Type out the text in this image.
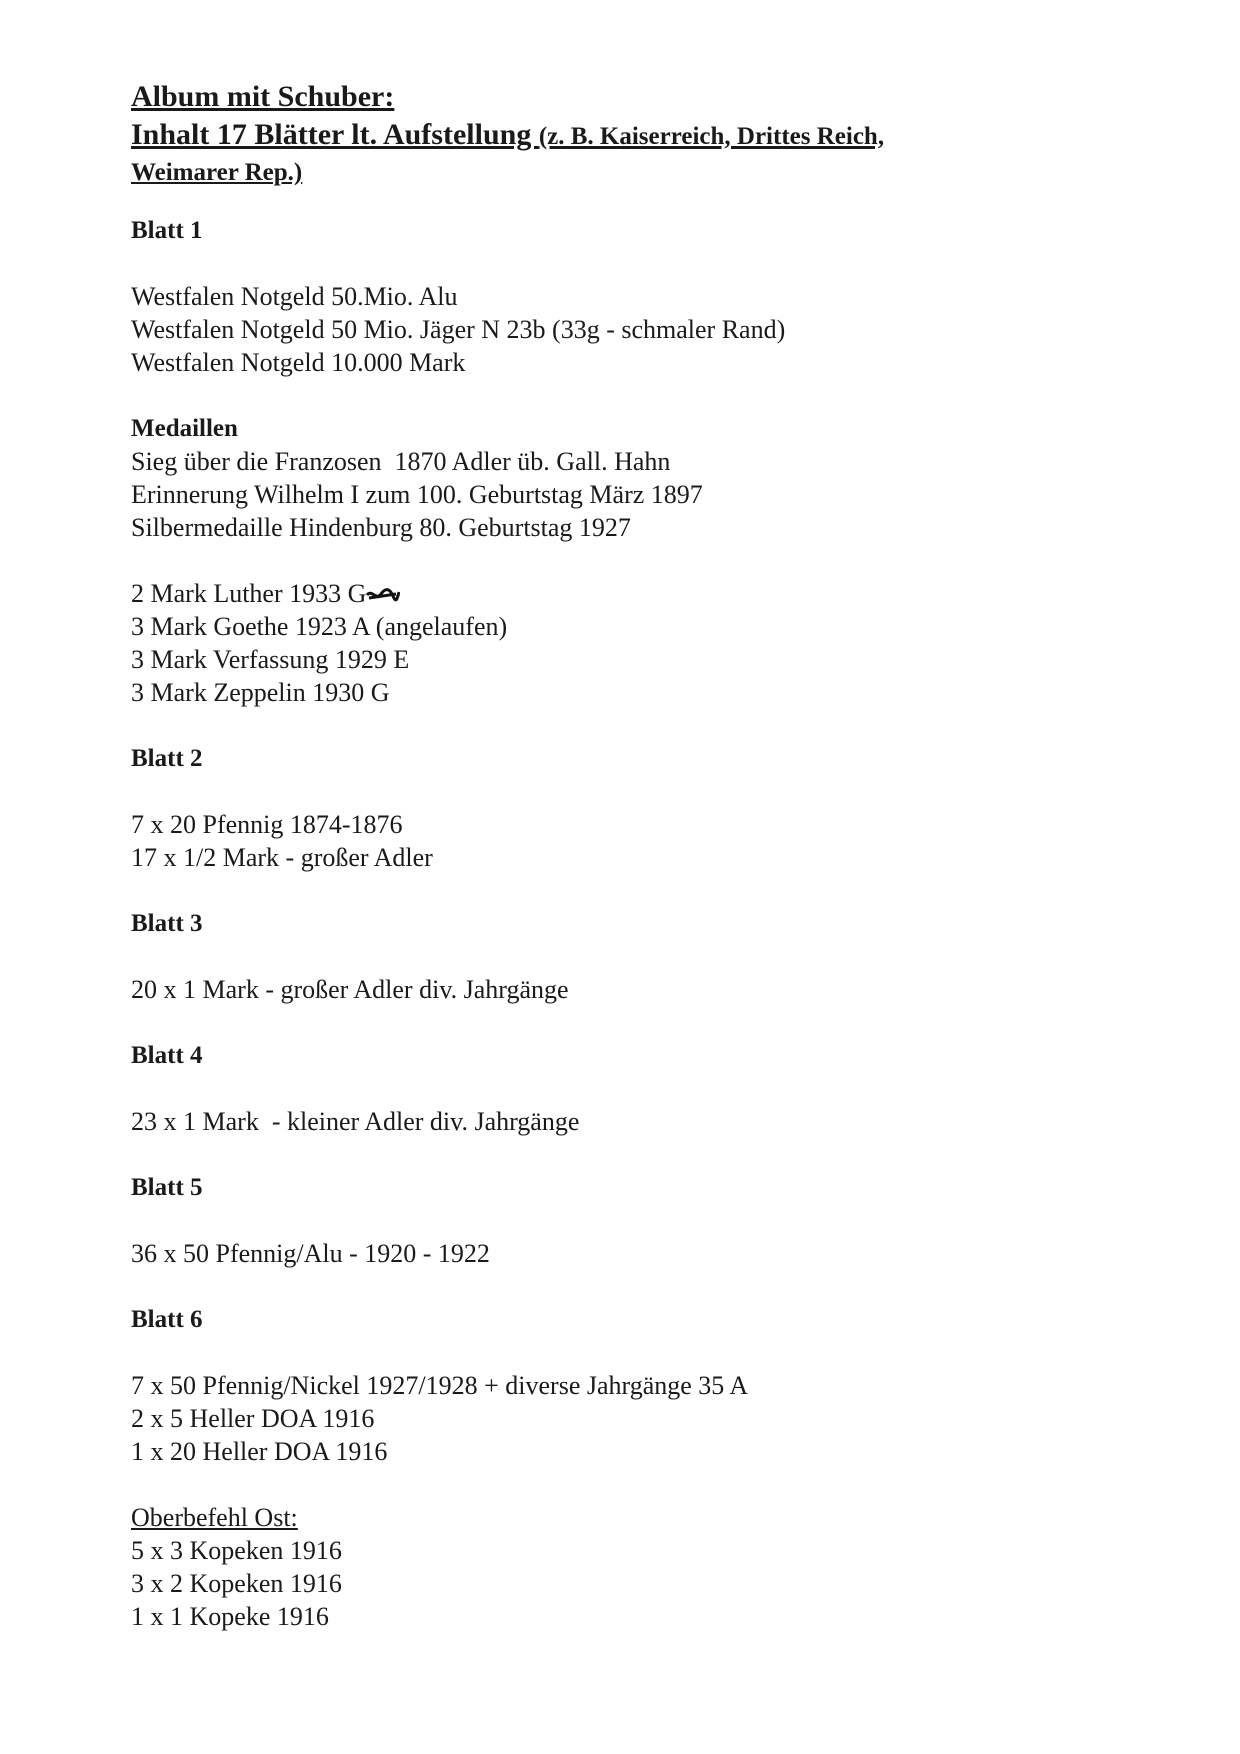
Album mit Schuber:

Inhalt 17 Blätter lt. Aufstellung (z. B. Kaiserreich, Drittes Reich,

Weimarer Rep.)

Blatt 1

Westfalen Notgeld 50.Mio. Alu

Westfalen Notgeld 50 Mio. Jäger N 23b (33g - schmaler Rand)

Westfalen Notgeld 10.000 Mark

Medaillen

Sieg über die Franzosen  1870 Adler üb. Gall. Hahn

Erinnerung Wilhelm I zum 100. Geburtstag März 1897

Silbermedaille Hindenburg 80. Geburtstag 1927

2 Mark Luther 1933 G

3 Mark Goethe 1923 A (angelaufen)

3 Mark Verfassung 1929 E

3 Mark Zeppelin 1930 G

Blatt 2

7 x 20 Pfennig 1874-1876

17 x 1/2 Mark - großer Adler

Blatt 3

20 x 1 Mark - großer Adler div. Jahrgänge

Blatt 4

23 x 1 Mark  - kleiner Adler div. Jahrgänge

Blatt 5

36 x 50 Pfennig/Alu - 1920 - 1922

Blatt 6

7 x 50 Pfennig/Nickel 1927/1928 + diverse Jahrgänge 35 A

2 x 5 Heller DOA 1916

1 x 20 Heller DOA 1916

Oberbefehl Ost:

5 x 3 Kopeken 1916

3 x 2 Kopeken 1916

1 x 1 Kopeke 1916
